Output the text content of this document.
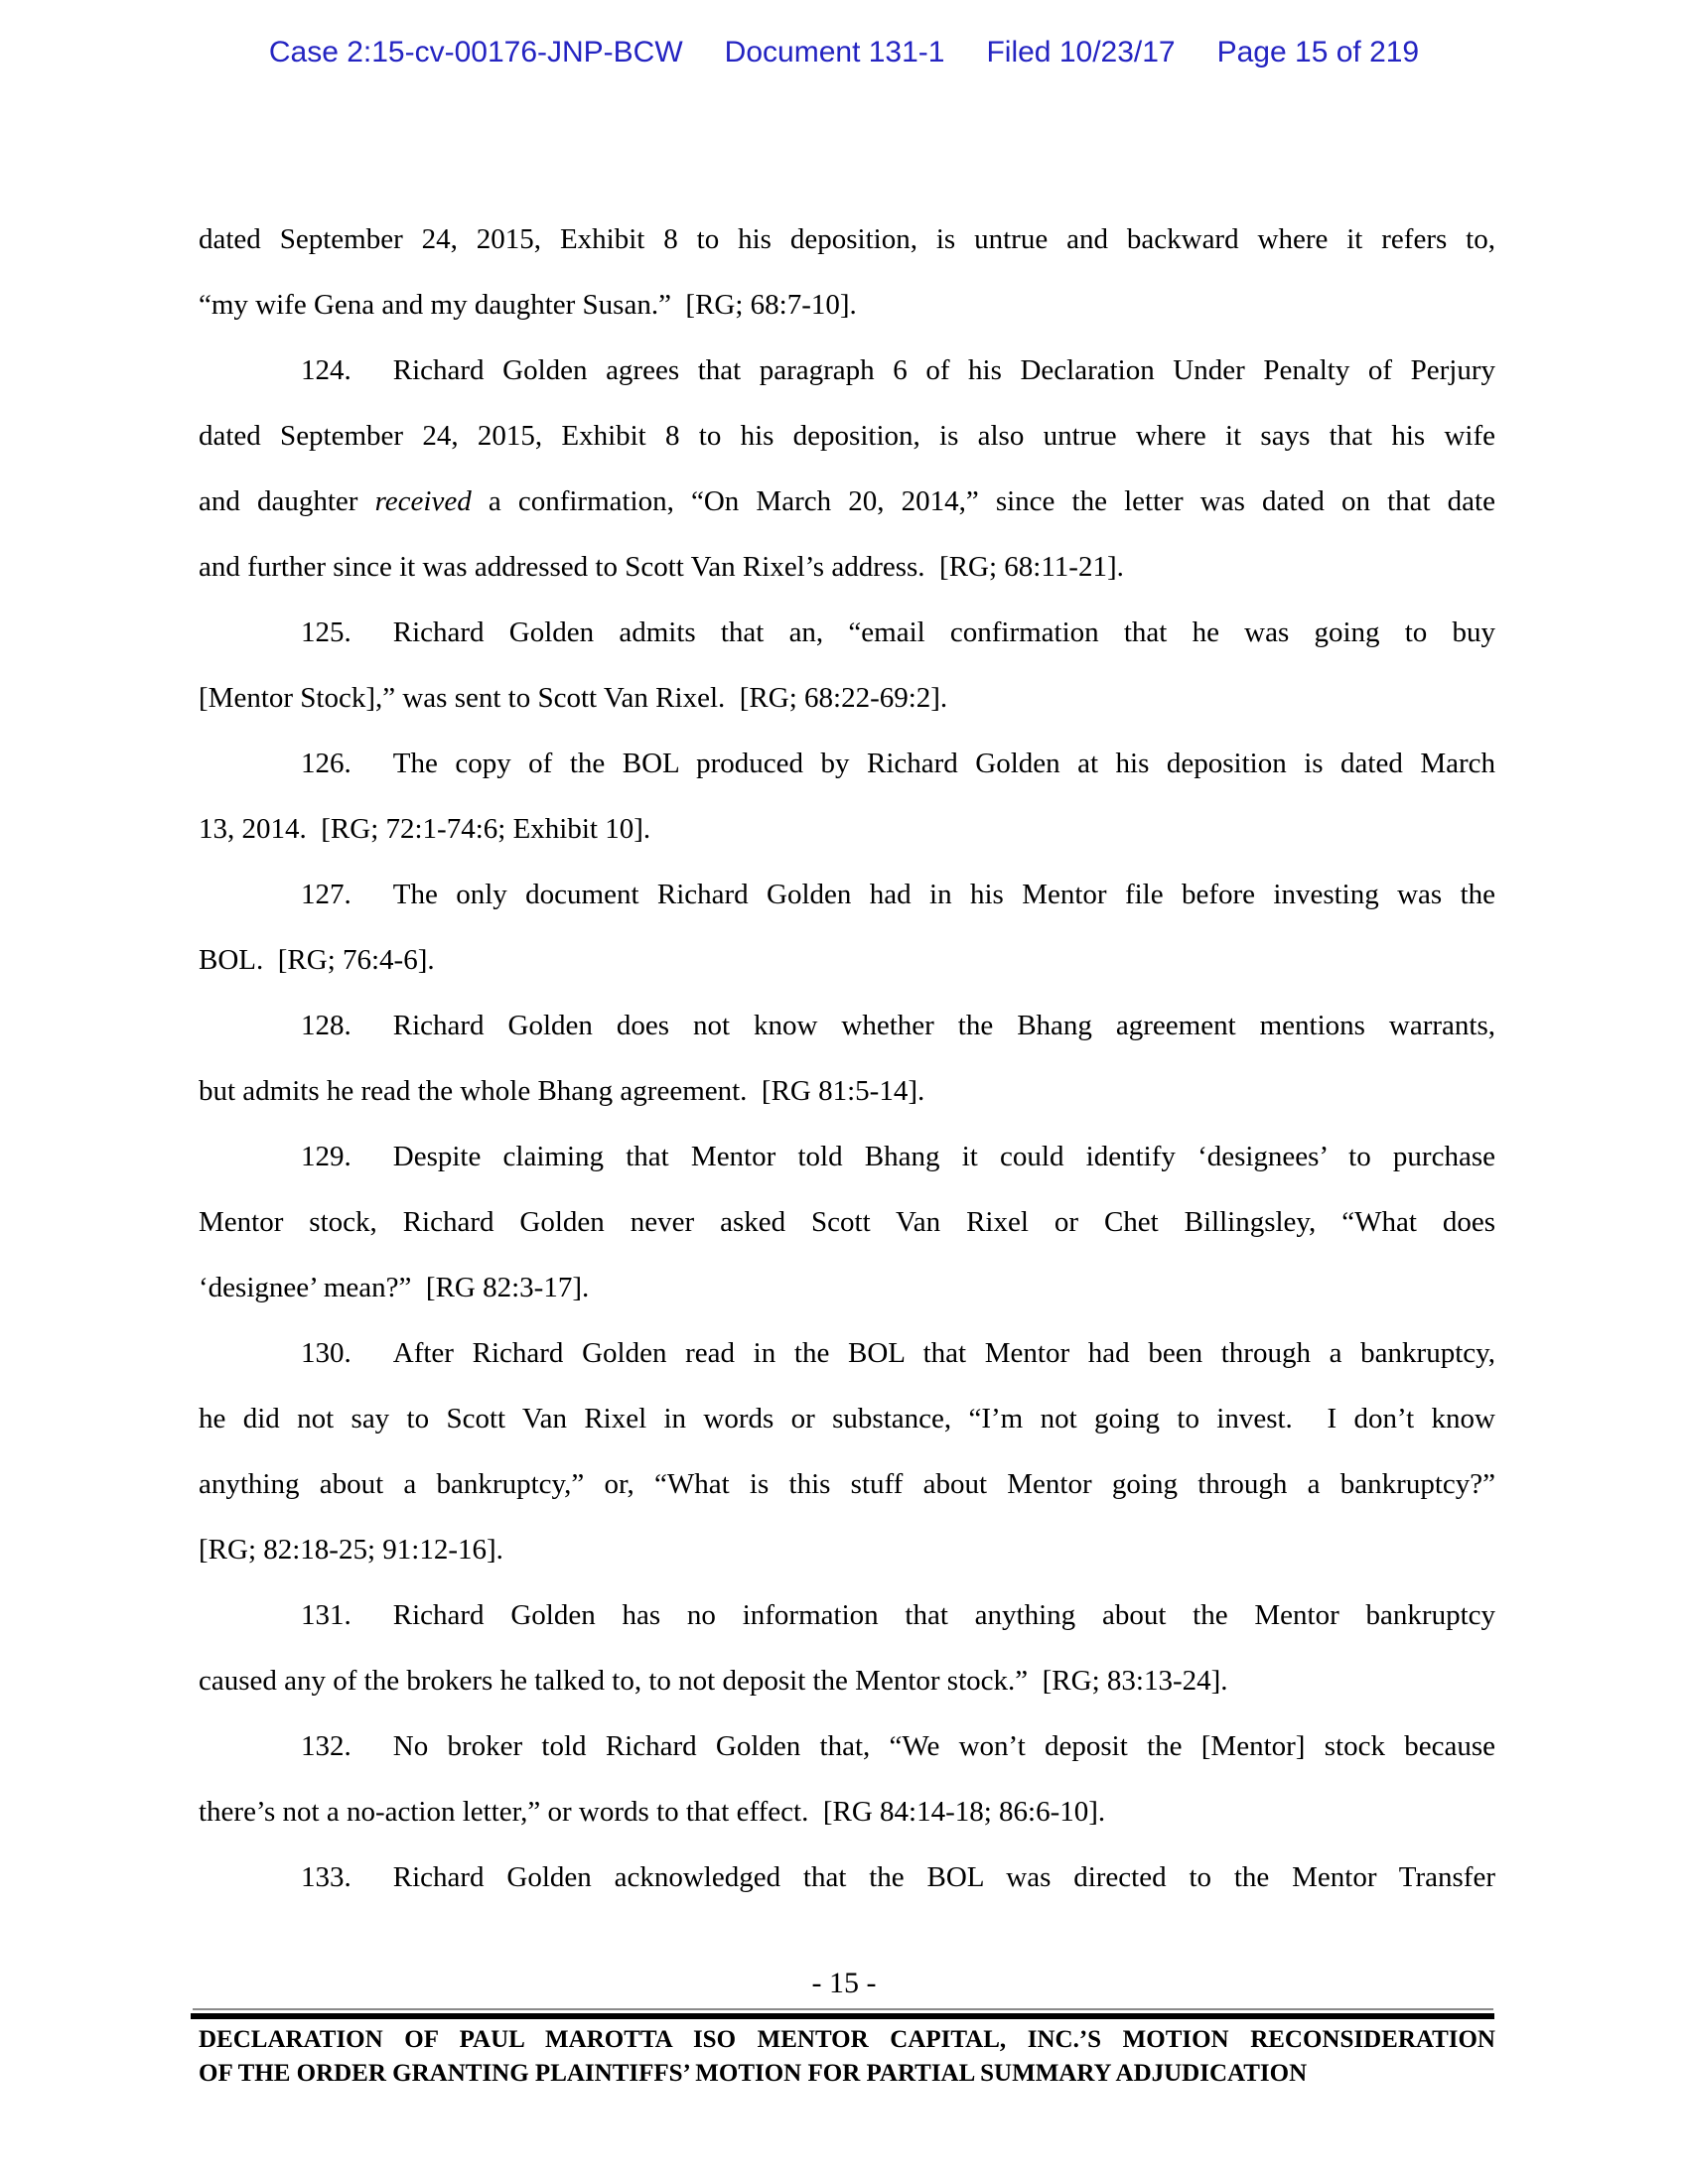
Case 2:15-cv-00176-JNP-BCW Document 131-1 Filed 10/23/17 Page 15 of 219
dated September 24, 2015, Exhibit 8 to his deposition, is untrue and backward where it refers to,
“my wife Gena and my daughter Susan.”  [RG; 68:7-10].
124. Richard Golden agrees that paragraph 6 of his Declaration Under Penalty of Perjury
dated September 24, 2015, Exhibit 8 to his deposition, is also untrue where it says that his wife
and daughter received a confirmation, “On March 20, 2014,” since the letter was dated on that date
and further since it was addressed to Scott Van Rixel’s address.  [RG; 68:11-21].
125. Richard Golden admits that an, “email confirmation that he was going to buy
[Mentor Stock],” was sent to Scott Van Rixel.  [RG; 68:22-69:2].
126. The copy of the BOL produced by Richard Golden at his deposition is dated March
13, 2014.  [RG; 72:1-74:6; Exhibit 10].
127. The only document Richard Golden had in his Mentor file before investing was the
BOL.  [RG; 76:4-6].
128. Richard Golden does not know whether the Bhang agreement mentions warrants,
but admits he read the whole Bhang agreement.  [RG 81:5-14].
129. Despite claiming that Mentor told Bhang it could identify ‘designees’ to purchase
Mentor stock, Richard Golden never asked Scott Van Rixel or Chet Billingsley, “What does
‘designee’ mean?”  [RG 82:3-17].
130. After Richard Golden read in the BOL that Mentor had been through a bankruptcy,
he did not say to Scott Van Rixel in words or substance, “I’m not going to invest.  I don’t know
anything about a bankruptcy,” or, “What is this stuff about Mentor going through a bankruptcy?”
[RG; 82:18-25; 91:12-16].
131. Richard Golden has no information that anything about the Mentor bankruptcy
caused any of the brokers he talked to, to not deposit the Mentor stock.”  [RG; 83:13-24].
132. No broker told Richard Golden that, “We won’t deposit the [Mentor] stock because
there’s not a no-action letter,” or words to that effect.  [RG 84:14-18; 86:6-10].
133. Richard Golden acknowledged that the BOL was directed to the Mentor Transfer
- 15 -
DECLARATION OF PAUL MAROTTA ISO MENTOR CAPITAL, INC.’S MOTION RECONSIDERATION
OF THE ORDER GRANTING PLAINTIFFS’ MOTION FOR PARTIAL SUMMARY ADJUDICATION
